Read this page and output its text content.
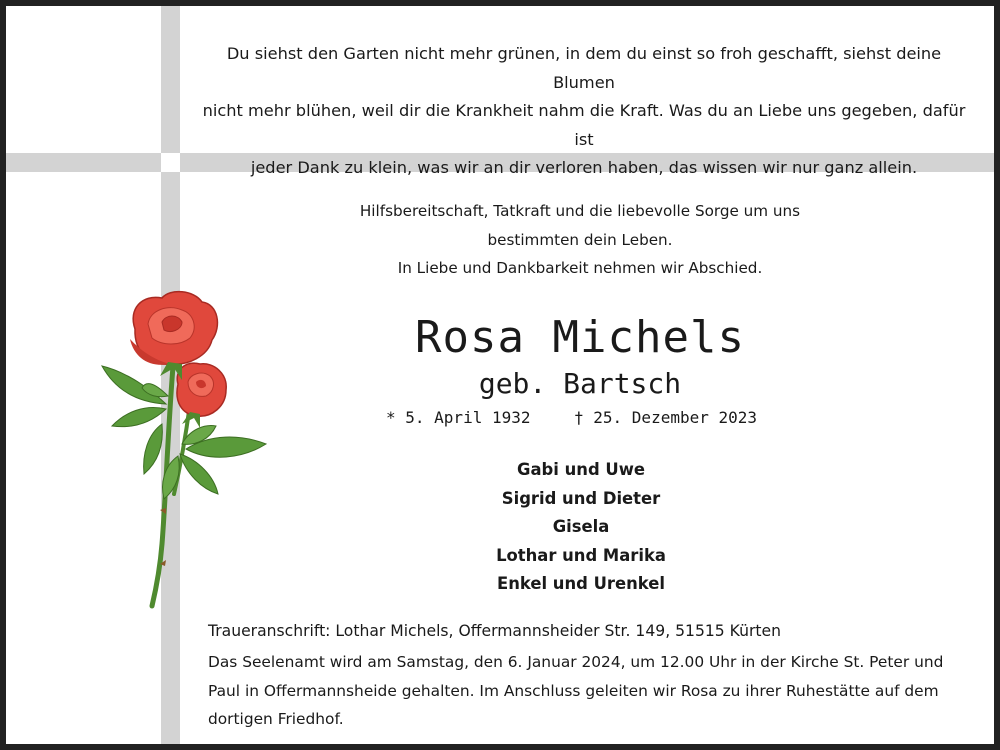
Du siehst den Garten nicht mehr grünen, in dem du einst so froh geschafft, siehst deine Blumen
nicht mehr blühen, weil dir die Krankheit nahm die Kraft. Was du an Liebe uns gegeben, dafür ist
jeder Dank zu klein, was wir an dir verloren haben, das wissen wir nur ganz allein.
Hilfsbereitschaft, Tatkraft und die liebevolle Sorge um uns
bestimmten dein Leben.
In Liebe und Dankbarkeit nehmen wir Abschied.
Rosa Michels
geb. Bartsch
* 5. April 1932	† 25. Dezember 2023
Gabi und Uwe
Sigrid und Dieter
Gisela
Lothar und Marika
Enkel und Urenkel
Traueranschrift: Lothar Michels, Offermannsheider Str. 149, 51515 Kürten
Das Seelenamt wird am Samstag, den 6. Januar 2024, um 12.00 Uhr in der Kirche St. Peter und
Paul in Offermannsheide gehalten. Im Anschluss geleiten wir Rosa zu ihrer Ruhestätte auf dem
dortigen Friedhof.
